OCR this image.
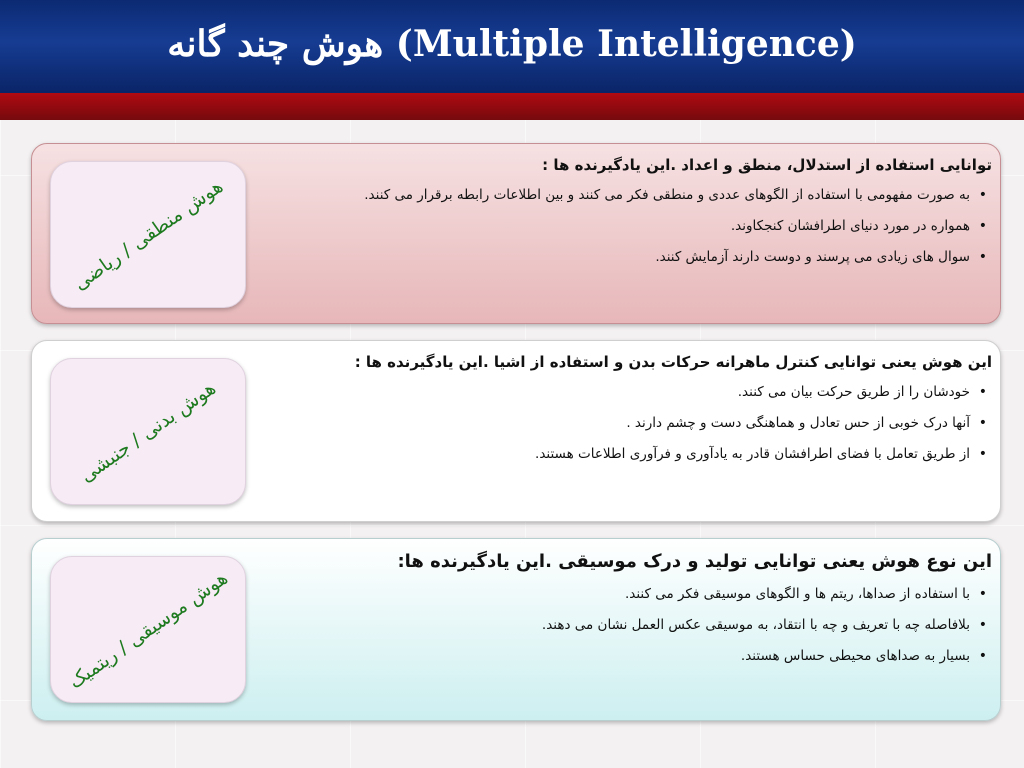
هوش چند گانه (Multiple Intelligence)
هوش منطقی / ریاضی
توانایی استفاده از استدلال، منطق و اعداد .این یادگیرنده ها :
•
به صورت مفهومی با استفاده از الگوهای عددی و منطقی فکر می کنند و بین اطلاعات رابطه برقرار می کنند.
•
همواره در مورد دنیای اطرافشان کنجکاوند.
•
سوال های زیادی می پرسند و دوست دارند آزمایش کنند.
هوش بدنی / جنبشی
این هوش یعنی توانایی کنترل ماهرانه حرکات بدن و استفاده از اشیا .این یادگیرنده ها :
•
خودشان را از طریق حرکت بیان می کنند.
•
آنها درک خوبی از حس تعادل و هماهنگی دست و چشم دارند .
•
از طریق تعامل با فضای اطرافشان قادر به یادآوری و فرآوری اطلاعات هستند.
هوش موسیقی / ریتمیک
این نوع هوش یعنی توانایی تولید و درک موسیقی .این یادگیرنده ها:
•
با استفاده از صداها، ریتم ها و الگوهای موسیقی فکر می کنند.
•
بلافاصله چه با تعریف و چه با انتقاد، به موسیقی عکس العمل نشان می دهند.
•
بسیار به صداهای محیطی حساس هستند.
